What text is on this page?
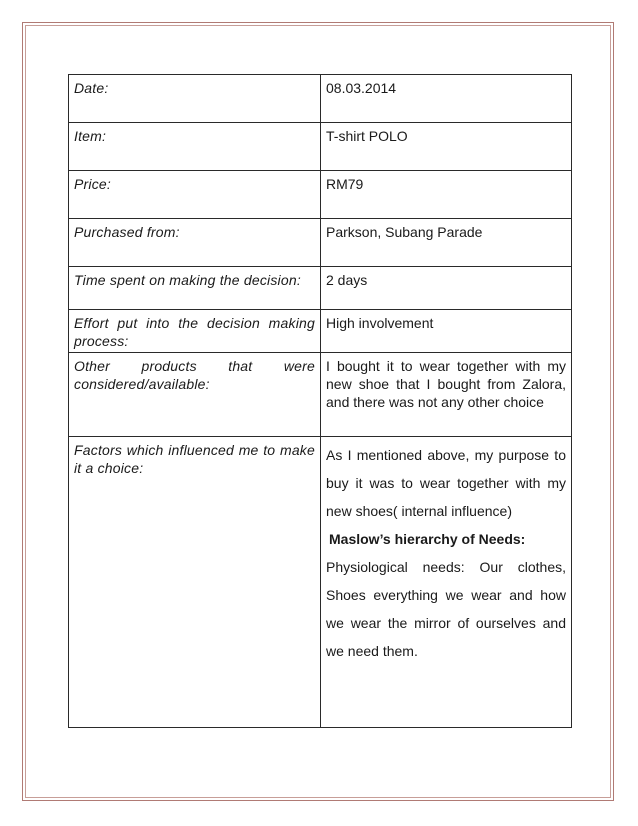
Date:	08.03.2014

Item:	T-shirt POLO

Price:	RM79

Purchased from:	Parkson, Subang Parade

Time spent on making the decision:	2 days

Effort put into the decision making process:	High involvement

Other products that were considered/available:	I bought it to wear together with my new shoe that I bought from Zalora, and there was not any other choice

Factors which influenced me to make it a choice:	As I mentioned above, my purpose to buy it was to wear together with my new shoes( internal influence)
Maslow’s hierarchy of Needs:
Physiological needs: Our clothes, Shoes everything we wear and how we wear the mirror of ourselves and we need them.
